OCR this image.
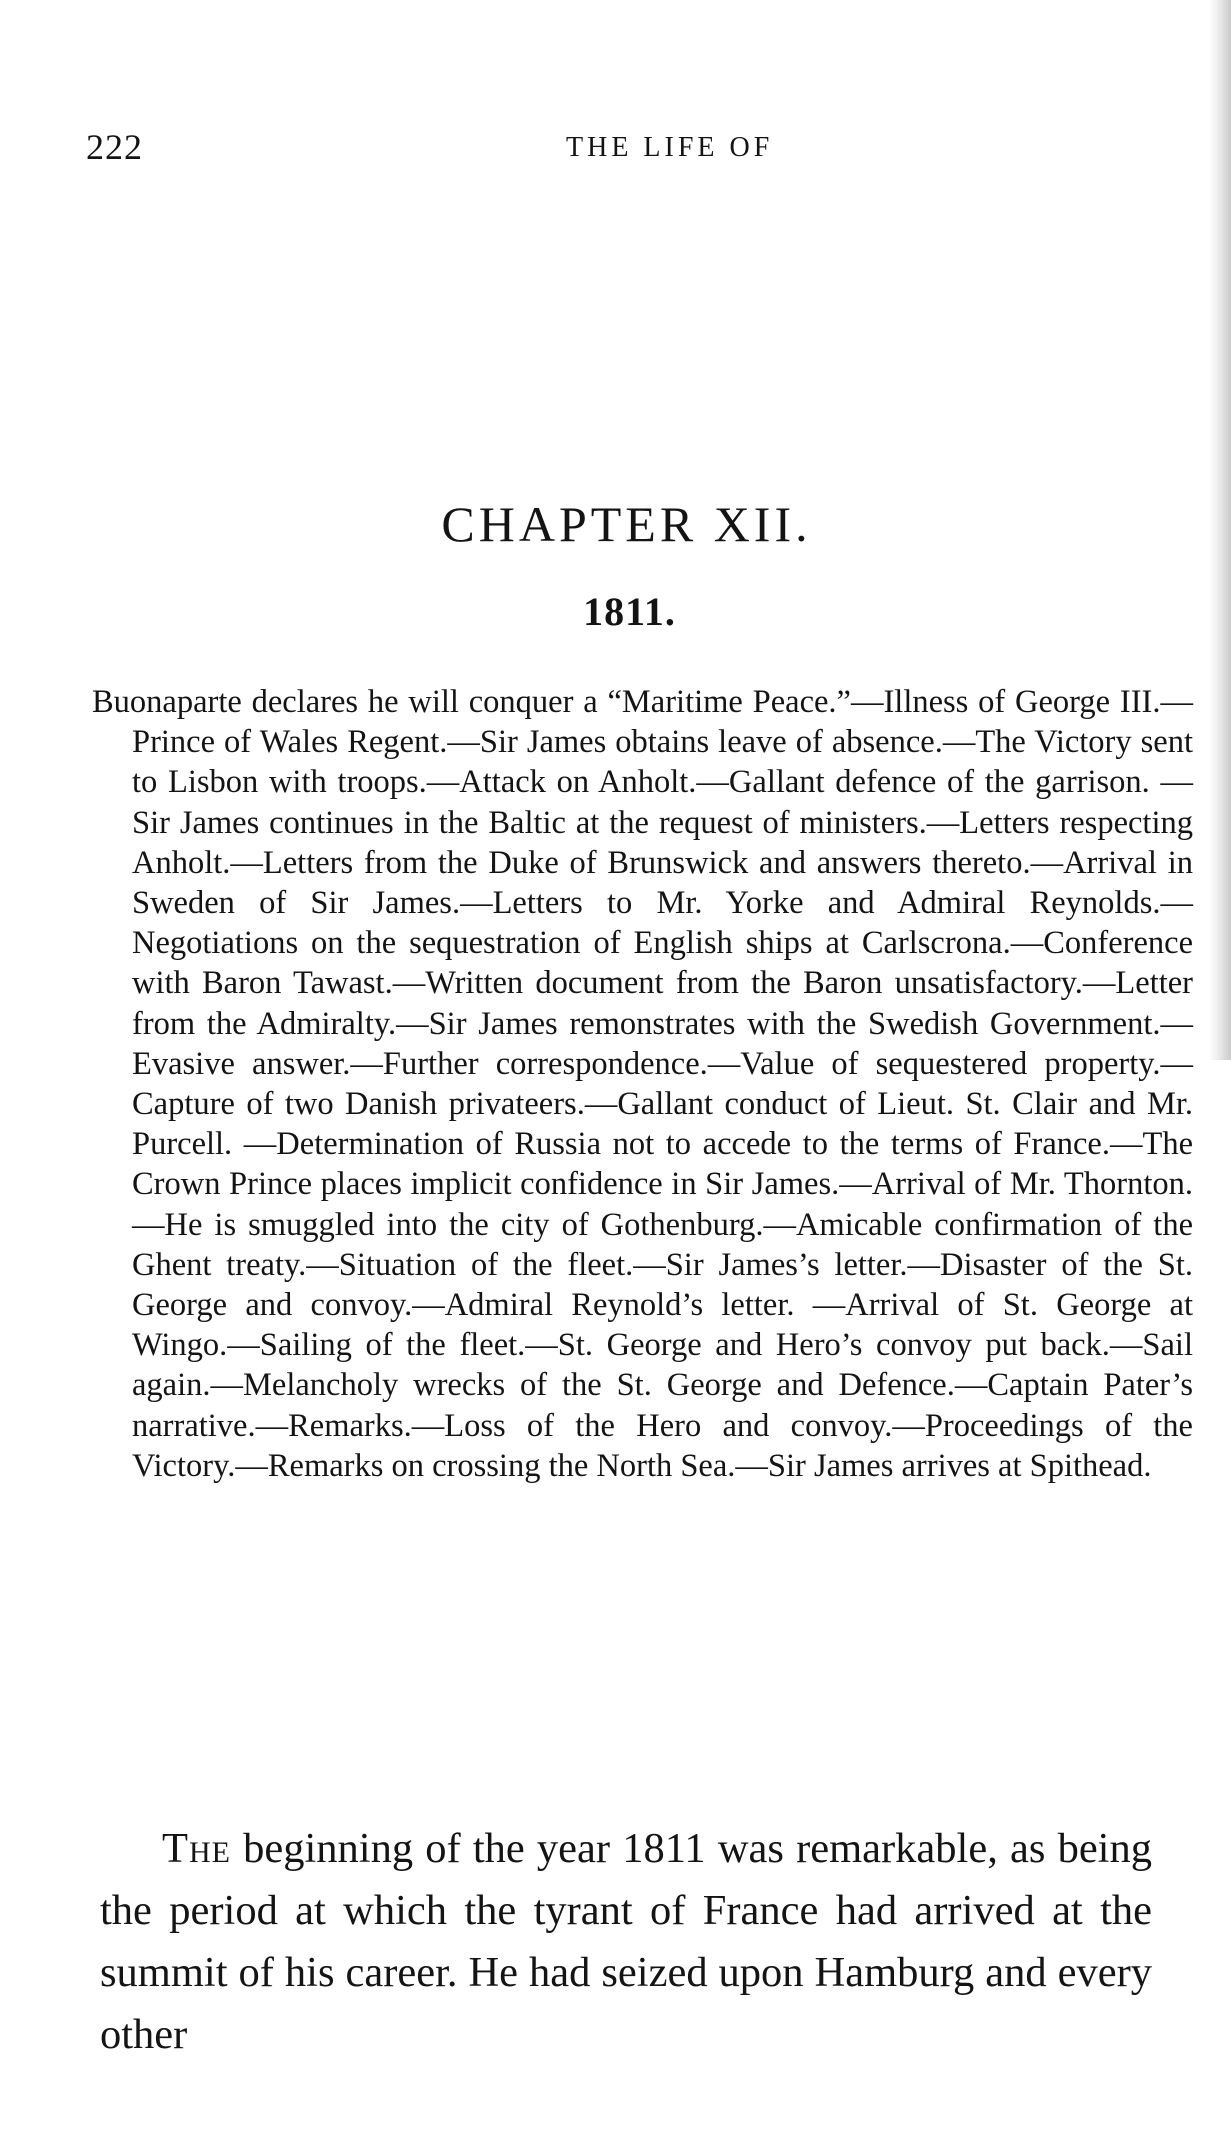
222	THE LIFE OF
CHAPTER XII.
1811.

Buonaparte declares he will conquer a “Maritime Peace.”—Illness of George III.—Prince of Wales Regent.—Sir James obtains leave of absence.—The Victory sent to Lisbon with troops.—Attack on Anholt.—Gallant defence of the garrison. —Sir James continues in the Baltic at the request of ministers.—Letters respecting Anholt.—Letters from the Duke of Brunswick and answers thereto.—Arrival in Sweden of Sir James.—Letters to Mr. Yorke and Admiral Reynolds.—Negotiations on the sequestration of English ships at Carlscrona.—Conference with Baron Tawast.—Written document from the Baron unsatisfactory.—Letter from the Admiralty.—Sir James remonstrates with the Swedish Government.—Evasive answer.—Further correspondence.—Value of sequestered property.—Capture of two Danish privateers.—Gallant conduct of Lieut. St. Clair and Mr. Purcell. —Determination of Russia not to accede to the terms of France.—The Crown Prince places implicit confidence in Sir James.—Arrival of Mr. Thornton.—He is smuggled into the city of Gothenburg.—Amicable confirmation of the Ghent treaty.—Situation of the fleet.—Sir James’s letter.—Disaster of the St. George and convoy.—Admiral Reynold’s letter. —Arrival of St. George at Wingo.—Sailing of the fleet.—St. George and Hero’s convoy put back.—Sail again.—Melancholy wrecks of the St. George and Defence.—Captain Pater’s narrative.—Remarks.—Loss of the Hero and convoy.—Proceedings of the Victory.—Remarks on crossing the North Sea.—Sir James arrives at Spithead.

The beginning of the year 1811 was remarkable, as being the period at which the tyrant of France had arrived at the summit of his career. He had seized upon Hamburg and every other
